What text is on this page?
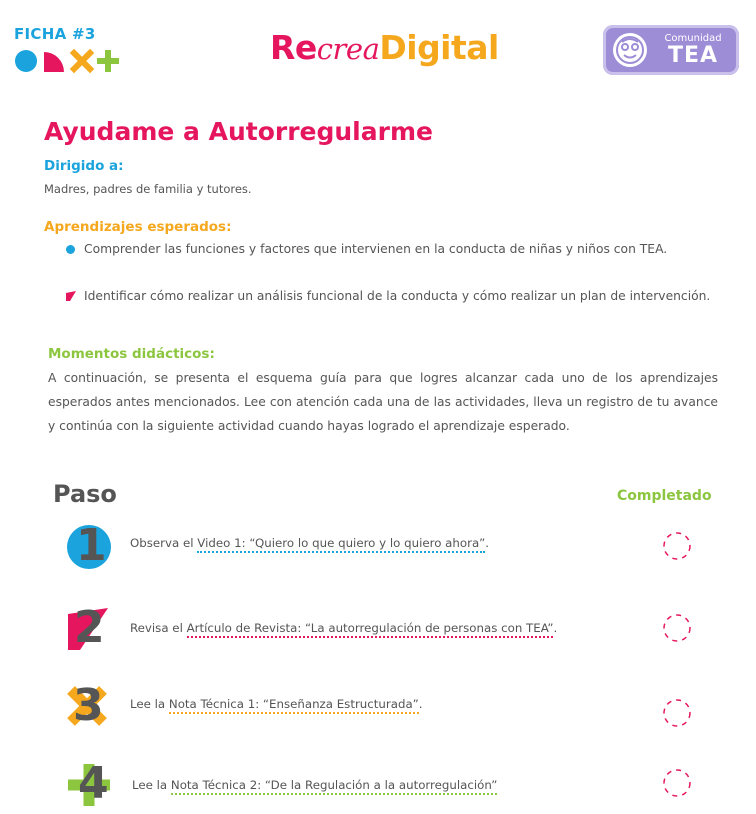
FICHA #3	RecreaDigital	Comunidad
TEA
Ayudame a Autorregularme
Dirigido a:
Madres, padres de familia y tutores.
Aprendizajes esperados:
Comprender las funciones y factores que intervienen en la conducta de niñas y niños con TEA.
Identificar cómo realizar un análisis funcional de la conducta y cómo realizar un plan de intervención.
Momentos didácticos:
A continuación, se presenta el esquema guía para que logres alcanzar cada uno de los aprendizajes esperados antes mencionados. Lee con atención cada una de las actividades, lleva un registro de tu avance y continúa con la siguiente actividad cuando hayas logrado el aprendizaje esperado.
Paso	Completado
1 Observa el Video 1: “Quiero lo que quiero y lo quiero ahora”.
2 Revisa el Artículo de Revista: “La autorregulación de personas con TEA”.
3 Lee la Nota Técnica 1: “Enseñanza Estructurada”.
4 Lee la Nota Técnica 2: “De la Regulación a la autorregulación”
